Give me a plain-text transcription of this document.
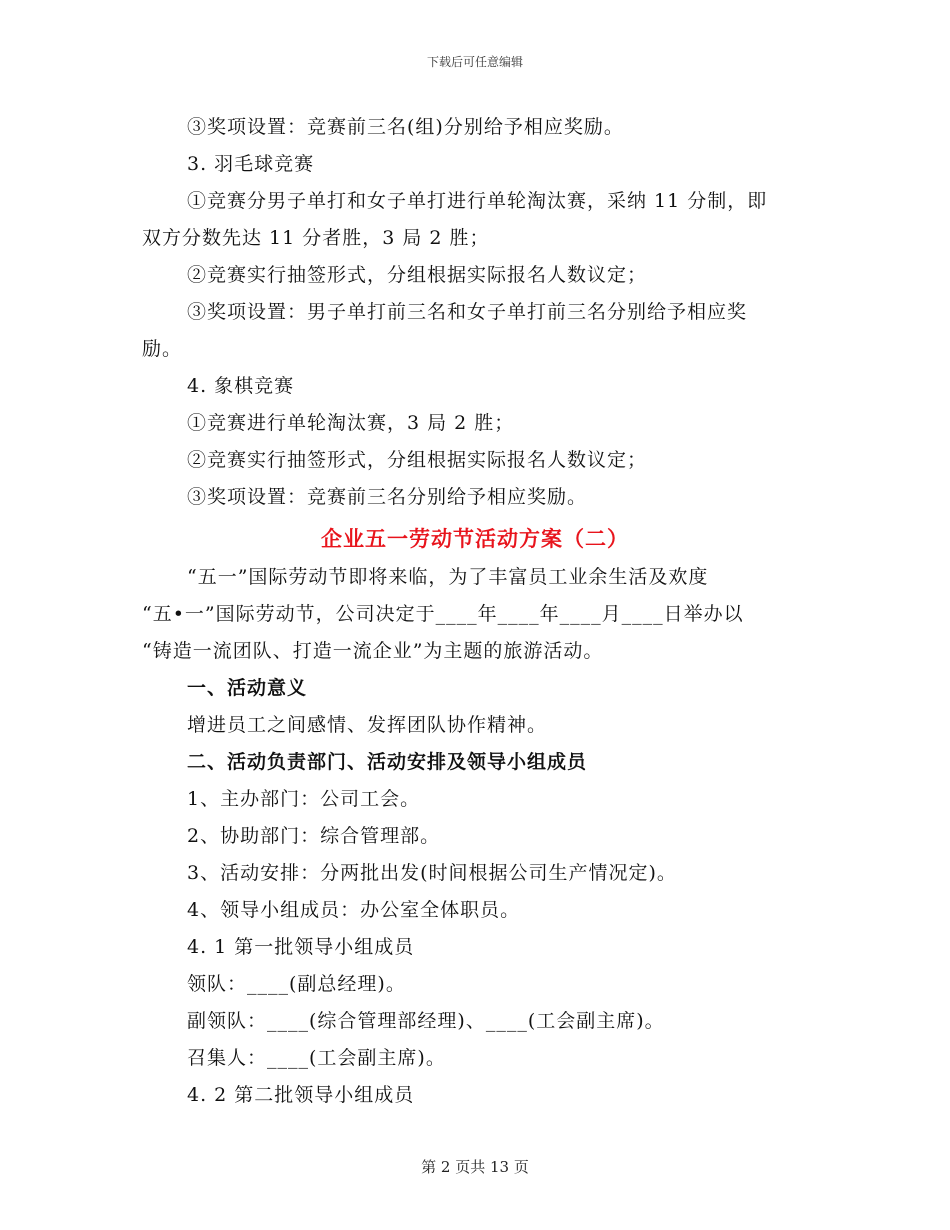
下载后可任意编辑
③奖项设置：竞赛前三名(组)分别给予相应奖励。
3. 羽毛球竞赛
①竞赛分男子单打和女子单打进行单轮淘汰赛，采纳 11 分制，即
双方分数先达 11 分者胜，3 局 2 胜；
②竞赛实行抽签形式，分组根据实际报名人数议定；
③奖项设置：男子单打前三名和女子单打前三名分别给予相应奖
励。
4. 象棋竞赛
①竞赛进行单轮淘汰赛，3 局 2 胜；
②竞赛实行抽签形式，分组根据实际报名人数议定；
③奖项设置：竞赛前三名分别给予相应奖励。
企业五一劳动节活动方案（二）
“五一”国际劳动节即将来临，为了丰富员工业余生活及欢度
“五•一”国际劳动节，公司决定于____年____年____月____日举办以
“铸造一流团队、打造一流企业”为主题的旅游活动。
一、活动意义
增进员工之间感情、发挥团队协作精神。
二、活动负责部门、活动安排及领导小组成员
1、主办部门：公司工会。
2、协助部门：综合管理部。
3、活动安排：分两批出发(时间根据公司生产情况定)。
4、领导小组成员：办公室全体职员。
4. 1 第一批领导小组成员
领队：____(副总经理)。
副领队：____(综合管理部经理)、____(工会副主席)。
召集人：____(工会副主席)。
4. 2 第二批领导小组成员
第 2 页共 13 页
